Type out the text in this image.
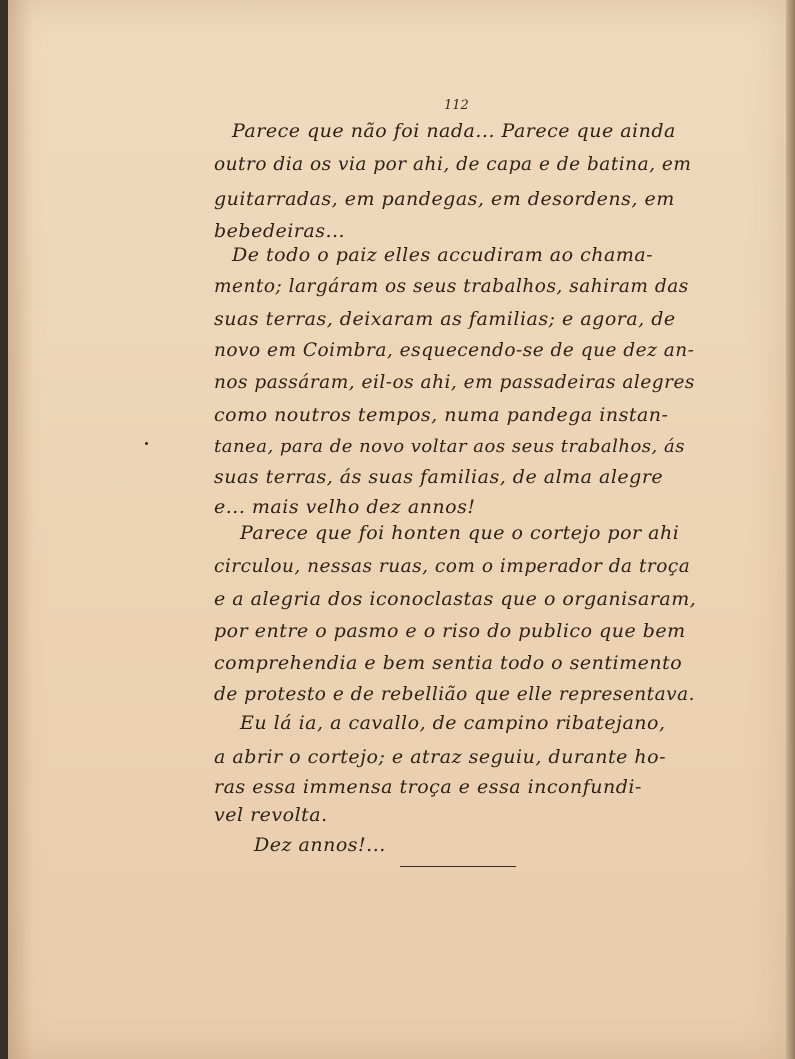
112
Parece que não foi nada... Parece que ainda
outro dia os via por ahi, de capa e de batina, em
guitarradas, em pandegas, em desordens, em
bebedeiras...
De todo o paiz elles accudiram ao chama-
mento; largáram os seus trabalhos, sahiram das
suas terras, deixaram as familias; e agora, de
novo em Coimbra, esquecendo-se de que dez an-
nos passáram, eil-os ahi, em passadeiras alegres
como noutros tempos, numa pandega instan-
tanea, para de novo voltar aos seus trabalhos, ás
suas terras, ás suas familias, de alma alegre
e... mais velho dez annos!
Parece que foi honten que o cortejo por ahi
circulou, nessas ruas, com o imperador da troça
e a alegria dos iconoclastas que o organisaram,
por entre o pasmo e o riso do publico que bem
comprehendia e bem sentia todo o sentimento
de protesto e de rebellião que elle representava.
Eu lá ia, a cavallo, de campino ribatejano,
a abrir o cortejo; e atraz seguiu, durante ho-
ras essa immensa troça e essa inconfundi-
vel revolta.
Dez annos!...
